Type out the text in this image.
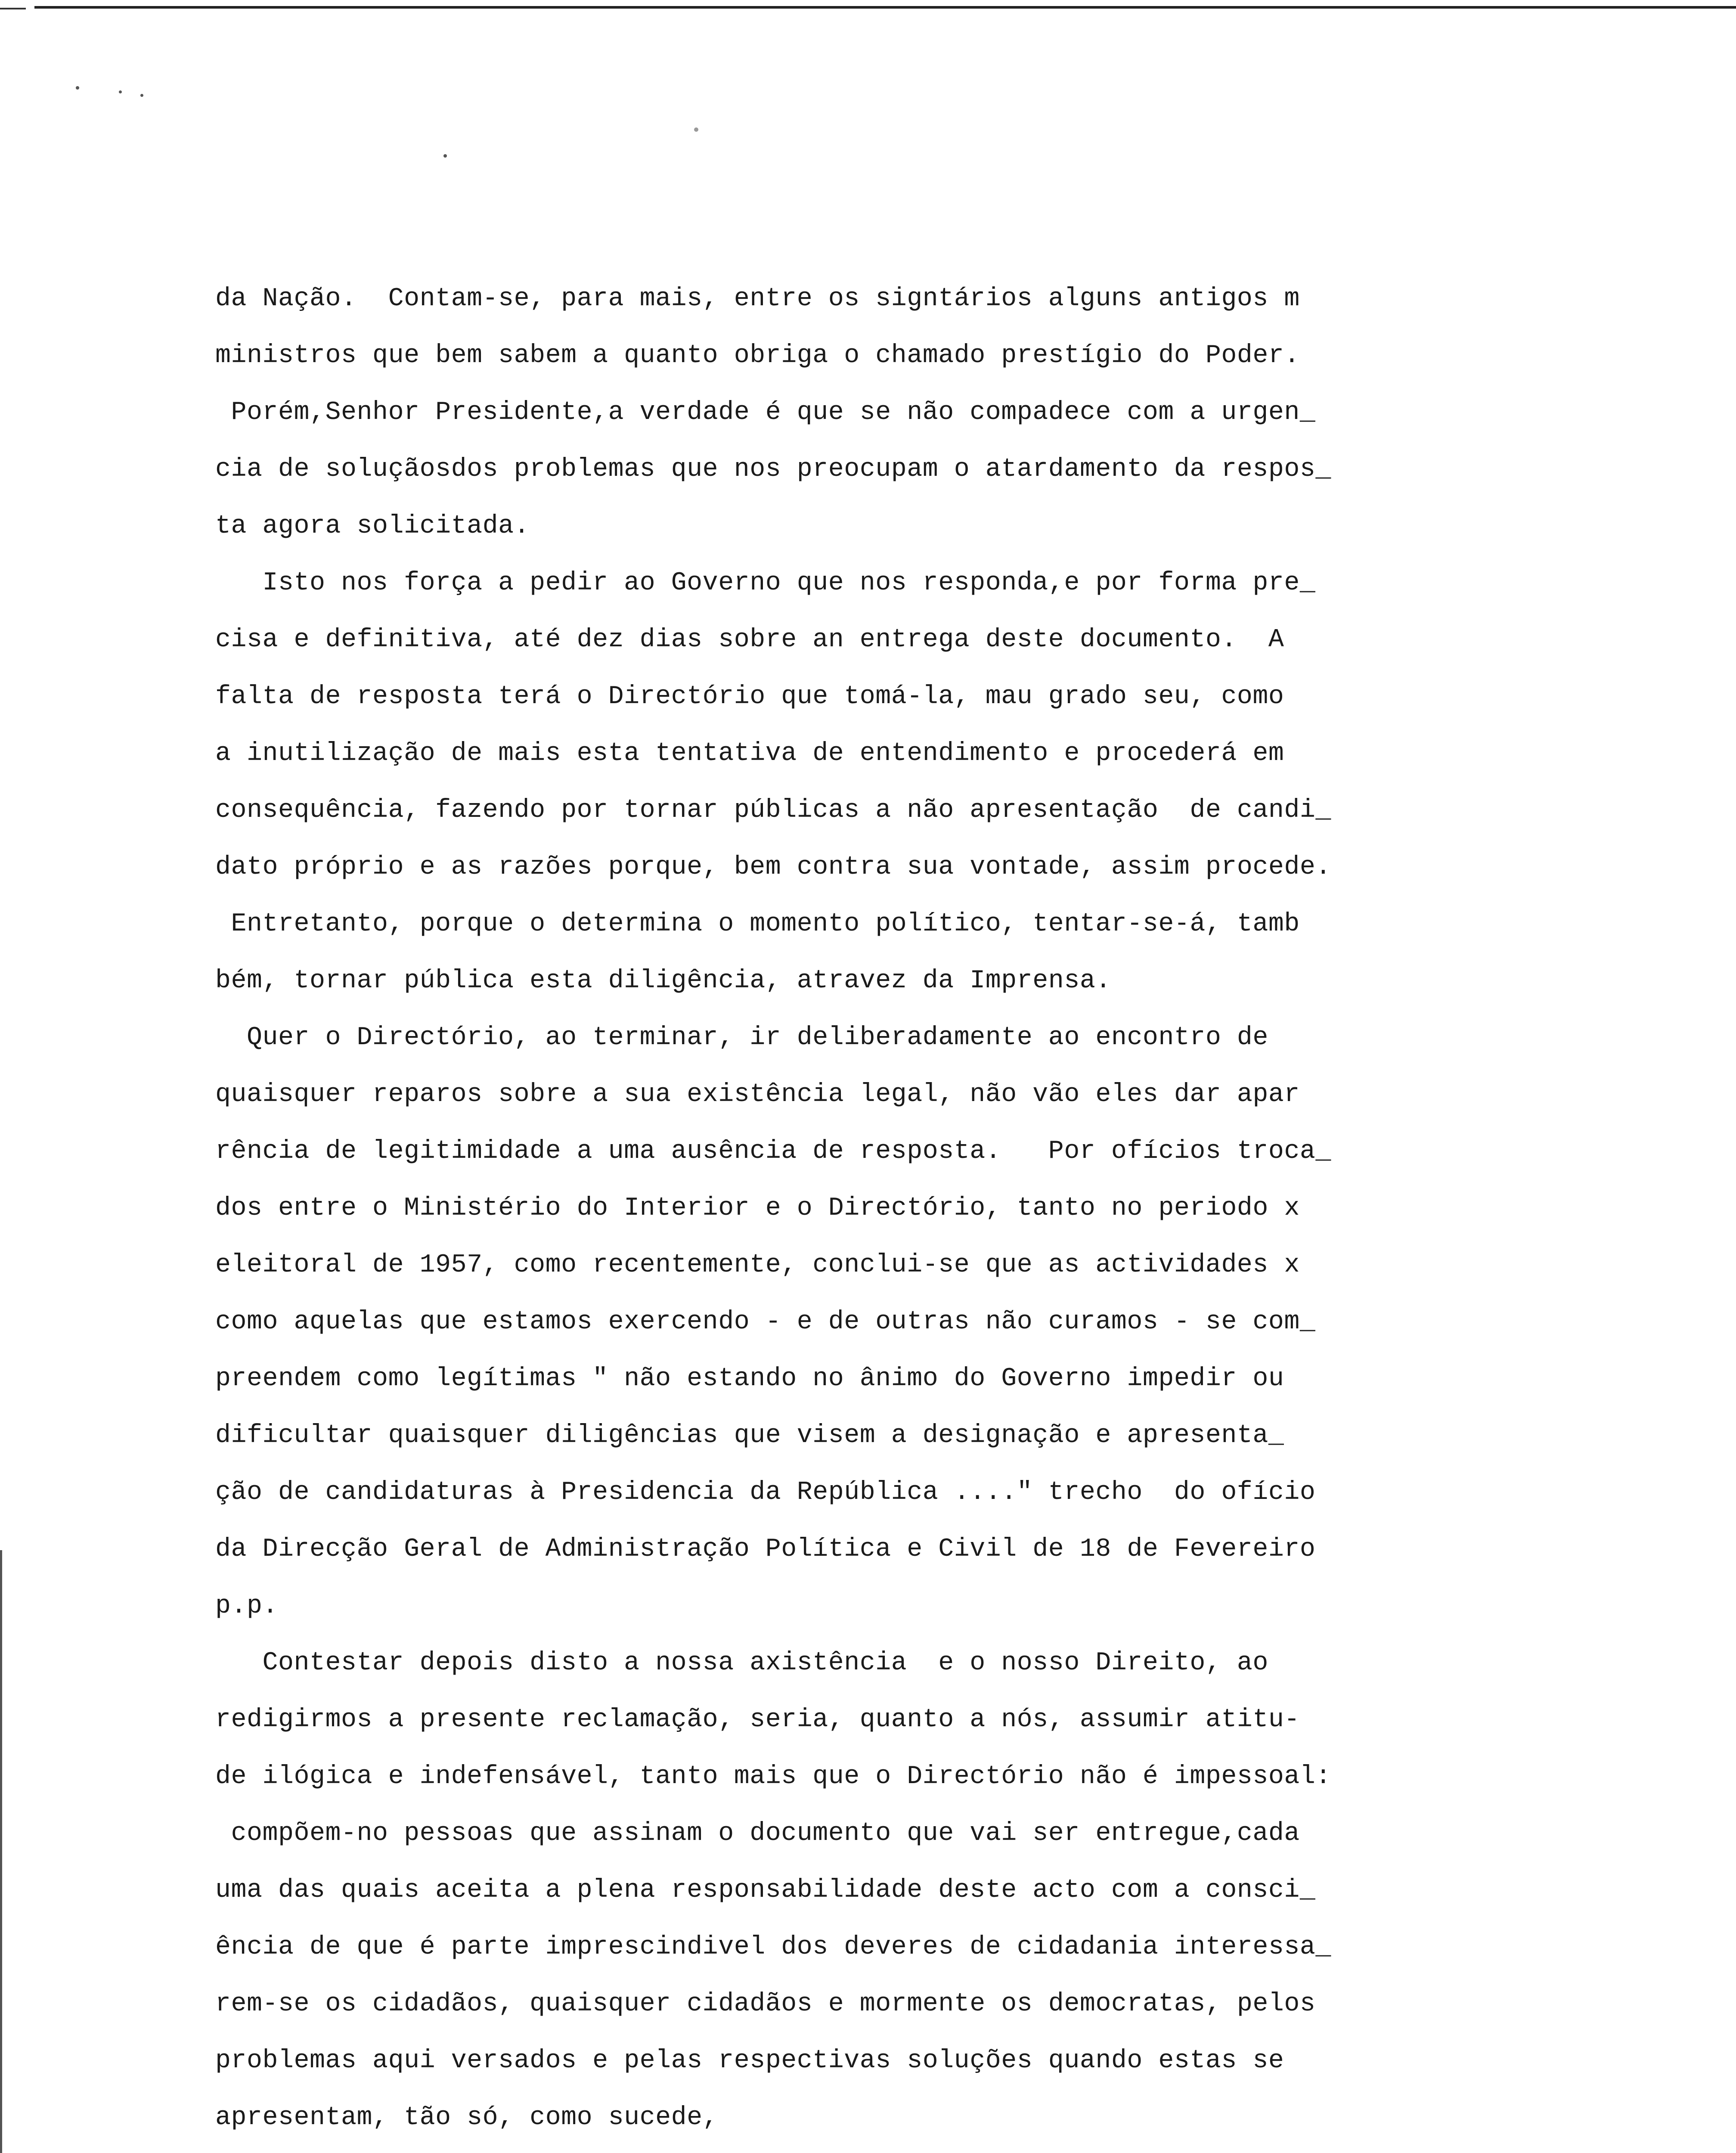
da Nação.  Contam-se, para mais, entre os signtários alguns antigos m
ministros que bem sabem a quanto obriga o chamado prestígio do Poder.
Porém,Senhor Presidente,a verdade é que se não compadece com a urgen_
cia de soluçãosdos problemas que nos preocupam o atardamento da respos_
ta agora solicitada.
Isto nos força a pedir ao Governo que nos responda,e por forma pre_
cisa e definitiva, até dez dias sobre an entrega deste documento.  A
falta de resposta terá o Directório que tomá-la, mau grado seu, como
a inutilização de mais esta tentativa de entendimento e procederá em
consequência, fazendo por tornar públicas a não apresentação  de candi_
dato próprio e as razões porque, bem contra sua vontade, assim procede.
Entretanto, porque o determina o momento político, tentar-se-á, tamb
bém, tornar pública esta diligência, atravez da Imprensa.
Quer o Directório, ao terminar, ir deliberadamente ao encontro de
quaisquer reparos sobre a sua existência legal, não vão eles dar apar
rência de legitimidade a uma ausência de resposta.   Por ofícios troca_
dos entre o Ministério do Interior e o Directório, tanto no periodo x
eleitoral de 1957, como recentemente, conclui-se que as actividades x
como aquelas que estamos exercendo - e de outras não curamos - se com_
preendem como legítimas " não estando no ânimo do Governo impedir ou
dificultar quaisquer diligências que visem a designação e apresenta_
ção de candidaturas à Presidencia da República ...." trecho  do ofício
da Direcção Geral de Administração Política e Civil de 18 de Fevereiro
p.p.
Contestar depois disto a nossa axistência  e o nosso Direito, ao
redigirmos a presente reclamação, seria, quanto a nós, assumir atitu-
de ilógica e indefensável, tanto mais que o Directório não é impessoal:
compõem-no pessoas que assinam o documento que vai ser entregue,cada
uma das quais aceita a plena responsabilidade deste acto com a consci_
ência de que é parte imprescindivel dos deveres de cidadania interessa_
rem-se os cidadãos, quaisquer cidadãos e mormente os democratas, pelos
problemas aqui versados e pelas respectivas soluções quando estas se
apresentam, tão só, como sucede,
